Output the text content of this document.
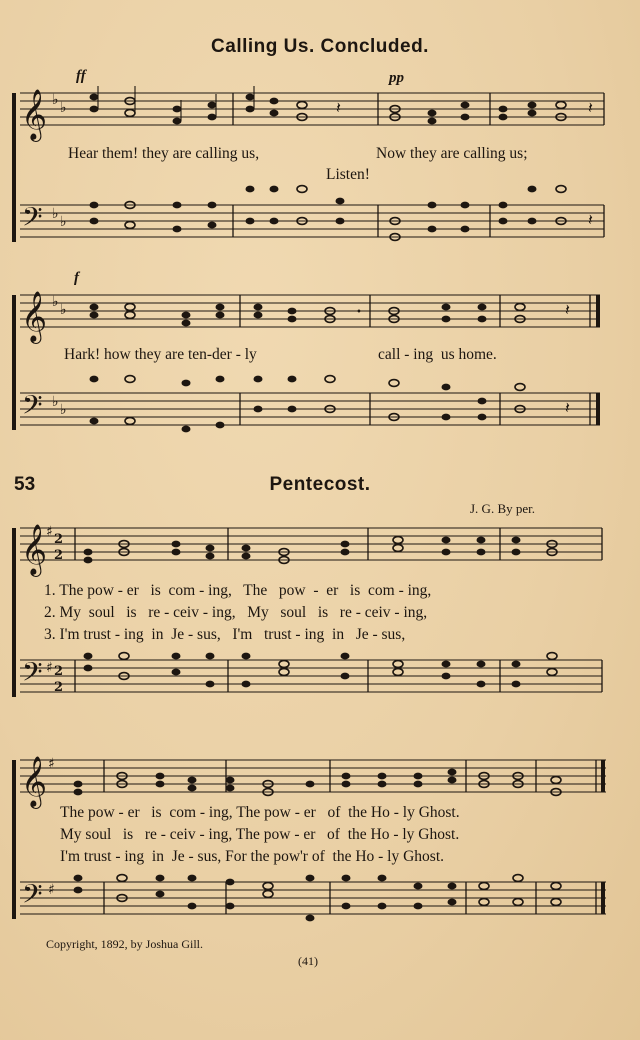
Calling Us. Concluded.
ff	pp
𝄞
𝄢
♭ ♭
♭ ♭
𝄽	𝄽
𝄽
Hear them! they are calling us,	Now they are calling us;
Listen!
f
𝄞
𝄢
♭ ♭
♭ ♭
•	𝄽
𝄽
Hark! how they are ten-der - ly	call - ing  us home.
53	Pentecost.
J. G. By per.
𝄞
𝄢
♯
♯
2
2
2
2
1. The pow - er   is  com - ing,   The   pow  -  er   is  com - ing,
2. My  soul   is   re - ceiv - ing,   My   soul   is   re - ceiv - ing,
3. I'm trust - ing  in  Je - sus,   I'm   trust - ing  in   Je - sus,
𝄞
𝄢
♯
♯
The pow - er   is  com - ing, The pow - er   of  the Ho - ly Ghost.
My soul   is   re - ceiv - ing, The pow - er   of  the Ho - ly Ghost.
I'm trust - ing  in  Je - sus, For the pow'r of  the Ho - ly Ghost.
Copyright, 1892, by Joshua Gill.
(41)
